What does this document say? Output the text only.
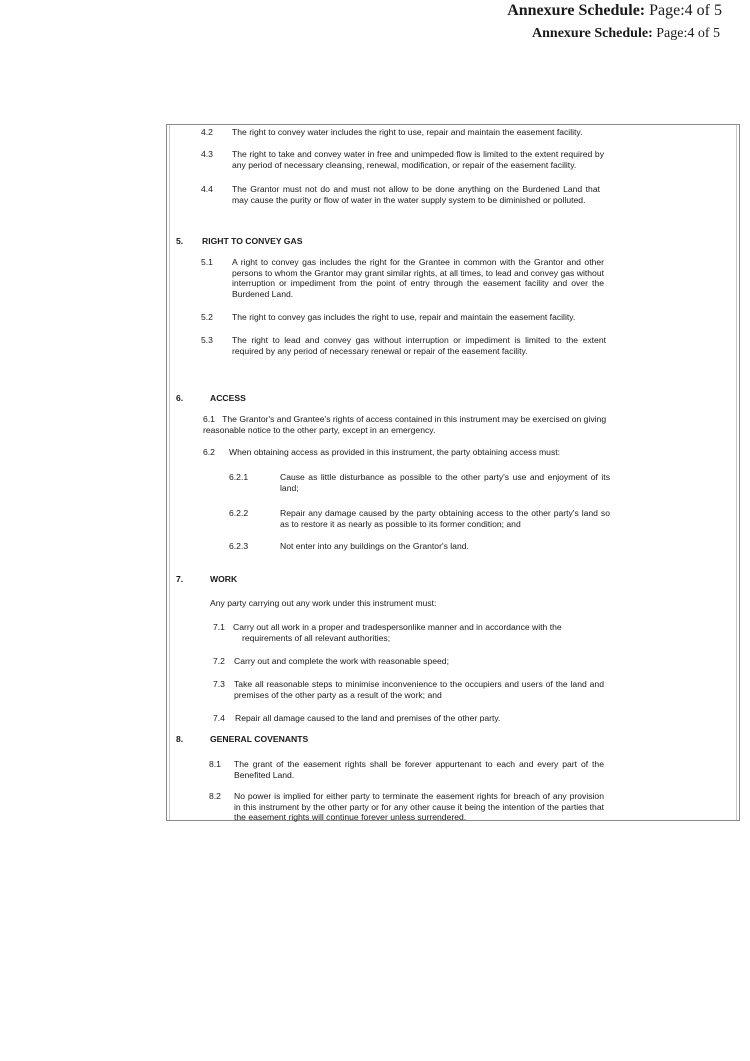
Annexure Schedule: Page:4 of 5
Annexure Schedule: Page:4 of 5
4.2 The right to convey water includes the right to use, repair and maintain the easement facility.
4.3 The right to take and convey water in free and unimpeded flow is limited to the extent required by any period of necessary cleansing, renewal, modification, or repair of the easement facility.
4.4 The Grantor must not do and must not allow to be done anything on the Burdened Land that may cause the purity or flow of water in the water supply system to be diminished or polluted.
5. RIGHT TO CONVEY GAS
5.1 A right to convey gas includes the right for the Grantee in common with the Grantor and other persons to whom the Grantor may grant similar rights, at all times, to lead and convey gas without interruption or impediment from the point of entry through the easement facility and over the Burdened Land.
5.2 The right to convey gas includes the right to use, repair and maintain the easement facility.
5.3 The right to lead and convey gas without interruption or impediment is limited to the extent required by any period of necessary renewal or repair of the easement facility.
6.	ACCESS
6.1 The Grantor's and Grantee's rights of access contained in this instrument may be exercised on giving reasonable notice to the other party, except in an emergency.
6.2 When obtaining access as provided in this instrument, the party obtaining access must:
6.2.1	Cause as little disturbance as possible to the other party's use and enjoyment of its land;
6.2.2	Repair any damage caused by the party obtaining access to the other party's land so as to restore it as nearly as possible to its former condition; and
6.2.3	Not enter into any buildings on the Grantor's land.
7.	WORK
Any party carrying out any work under this instrument must:
7.1 Carry out all work in a proper and tradespersonlike manner and in accordance with the requirements of all relevant authorities;
7.2 Carry out and complete the work with reasonable speed;
7.3 Take all reasonable steps to minimise inconvenience to the occupiers and users of the land and premises of the other party as a result of the work; and
7.4 Repair all damage caused to the land and premises of the other party.
8.	GENERAL COVENANTS
8.1 The grant of the easement rights shall be forever appurtenant to each and every part of the Benefited Land.
8.2 No power is implied for either party to terminate the easement rights for breach of any provision in this instrument by the other party or for any other cause it being the intention of the parties that the easement rights will continue forever unless surrendered.
